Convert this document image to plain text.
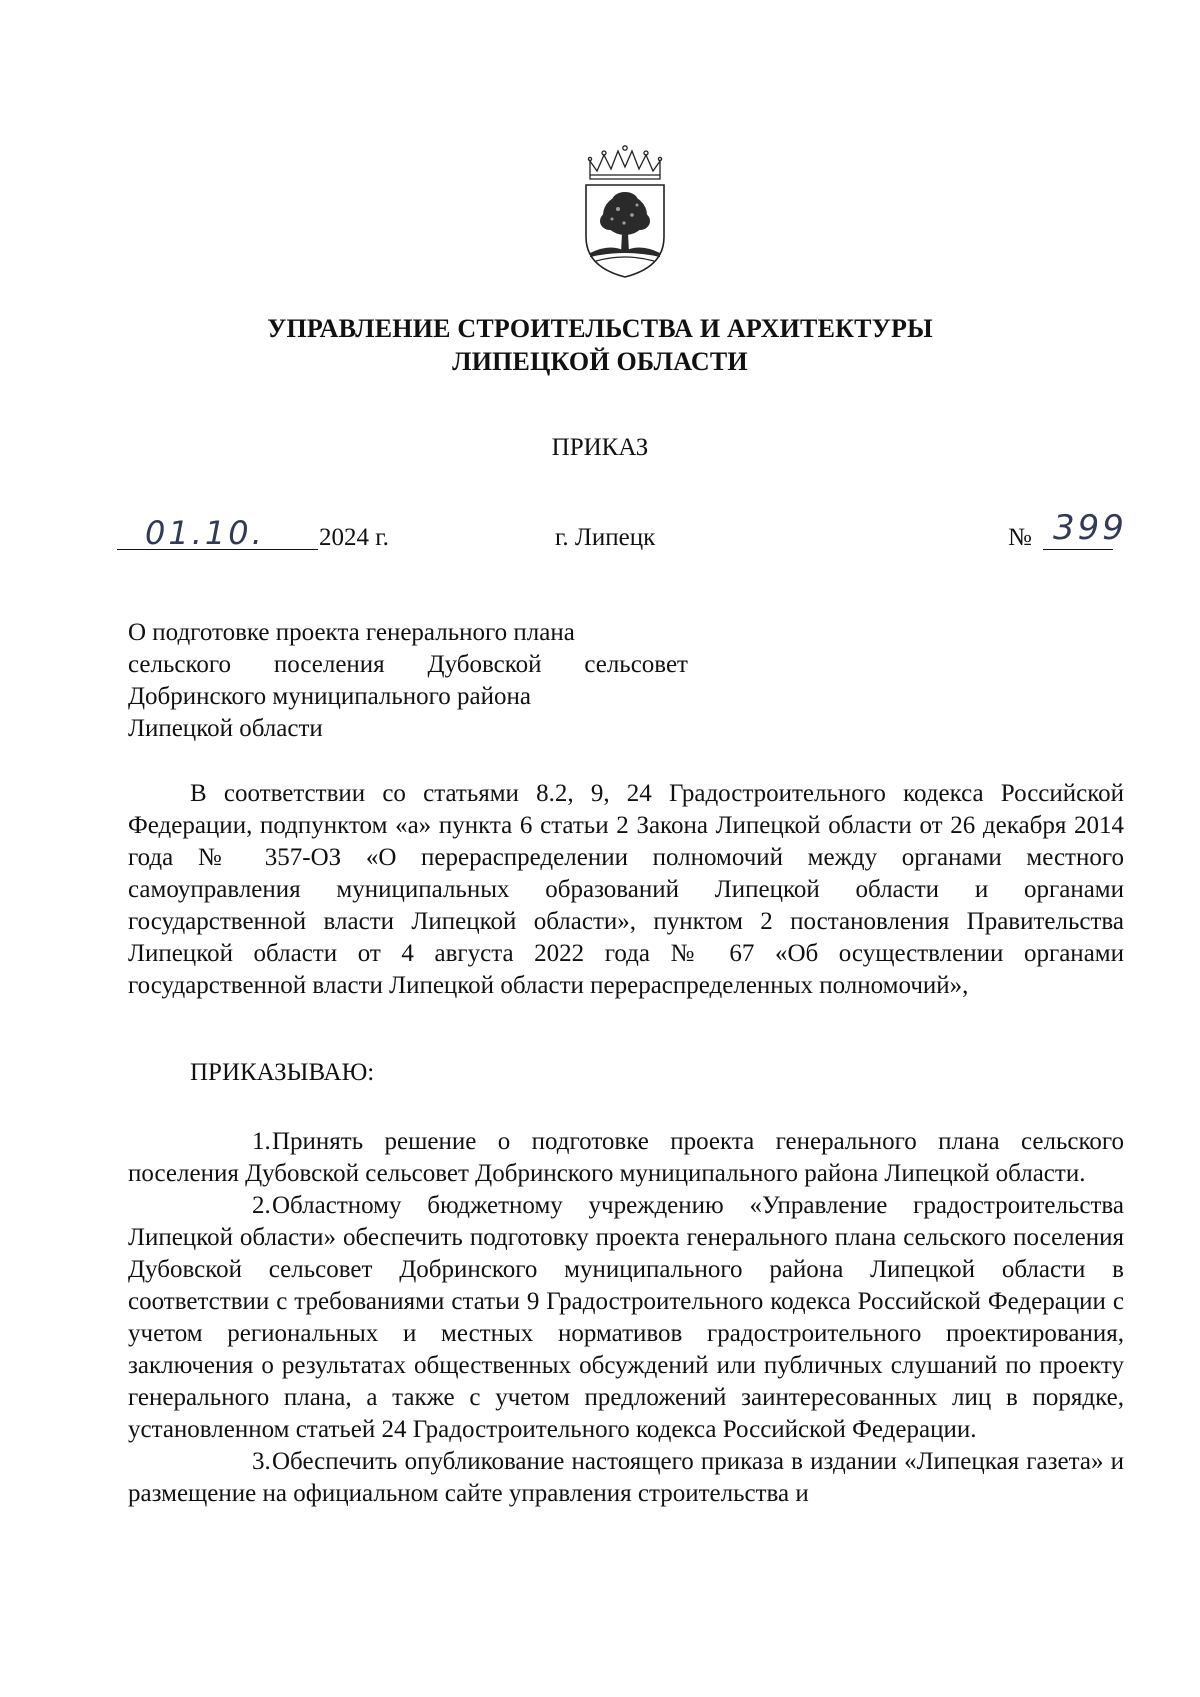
УПРАВЛЕНИЕ СТРОИТЕЛЬСТВА И АРХИТЕКТУРЫ
ЛИПЕЦКОЙ ОБЛАСТИ
ПРИКАЗ
01.10. 2024 г.	г. Липецк	№ 399
О подготовке проекта генерального плана
сельского поселения Дубовской сельсовет
Добринского муниципального района
Липецкой области

В соответствии со статьями 8.2, 9, 24 Градостроительного кодекса Российской Федерации, подпунктом «а» пункта 6 статьи 2 Закона Липецкой области от 26 декабря 2014 года № 357-ОЗ «О перераспределении полномочий между органами местного самоуправления муниципальных образований Липецкой области и органами государственной власти Липецкой области», пунктом 2 постановления Правительства Липецкой области от 4 августа 2022 года № 67 «Об осуществлении органами государственной власти Липецкой области перераспределенных полномочий»,

ПРИКАЗЫВАЮ:

1.Принять решение о подготовке проекта генерального плана сельского поселения Дубовской сельсовет Добринского муниципального района Липецкой области.

2.Областному бюджетному учреждению «Управление градостроительства Липецкой области» обеспечить подготовку проекта генерального плана сельского поселения Дубовской сельсовет Добринского муниципального района Липецкой области в соответствии с требованиями статьи 9 Градостроительного кодекса Российской Федерации с учетом региональных и местных нормативов градостроительного проектирования, заключения о результатах общественных обсуждений или публичных слушаний по проекту генерального плана, а также с учетом предложений заинтересованных лиц в порядке, установленном статьей 24 Градостроительного кодекса Российской Федерации.

3.Обеспечить опубликование настоящего приказа в издании «Липецкая газета» и размещение на официальном сайте управления строительства и
